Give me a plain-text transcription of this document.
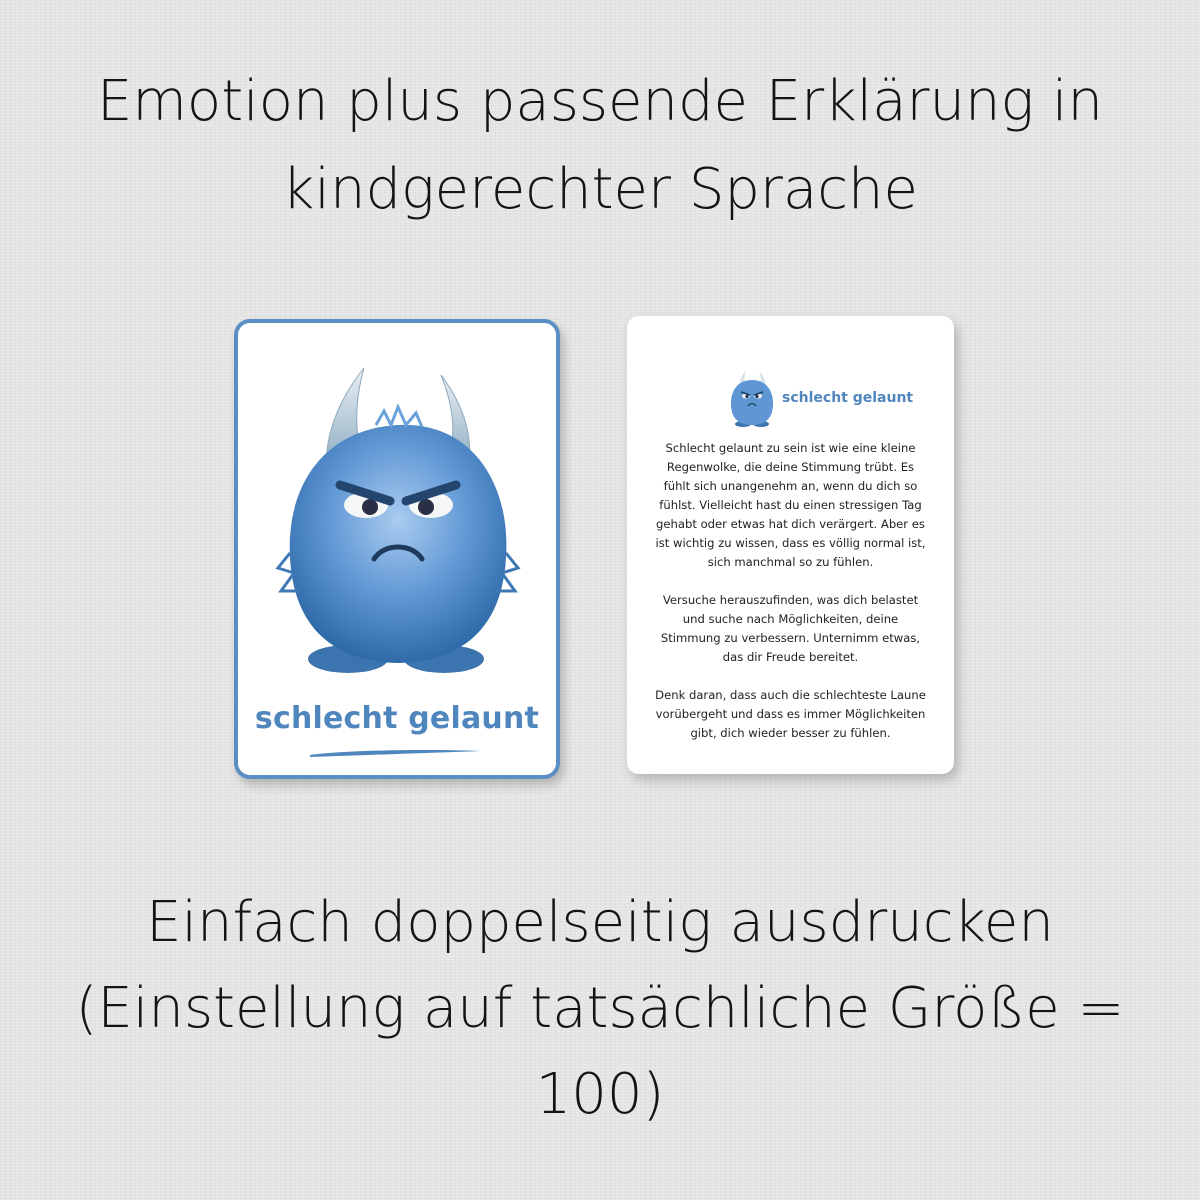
Emotion plus passende Erklärung in
kindgerechter Sprache
schlecht gelaunt
schlecht gelaunt

Schlecht gelaunt zu sein ist wie eine kleine
Regenwolke, die deine Stimmung trübt. Es
fühlt sich unangenehm an, wenn du dich so
fühlst. Vielleicht hast du einen stressigen Tag
gehabt oder etwas hat dich verärgert. Aber es
ist wichtig zu wissen, dass es völlig normal ist,
sich manchmal so zu fühlen.

Versuche herauszufinden, was dich belastet
und suche nach Möglichkeiten, deine
Stimmung zu verbessern. Unternimm etwas,
das dir Freude bereitet.

Denk daran, dass auch die schlechteste Laune
vorübergeht und dass es immer Möglichkeiten
gibt, dich wieder besser zu fühlen.

Einfach doppelseitig ausdrucken
(Einstellung auf tatsächliche Größe =
100)
